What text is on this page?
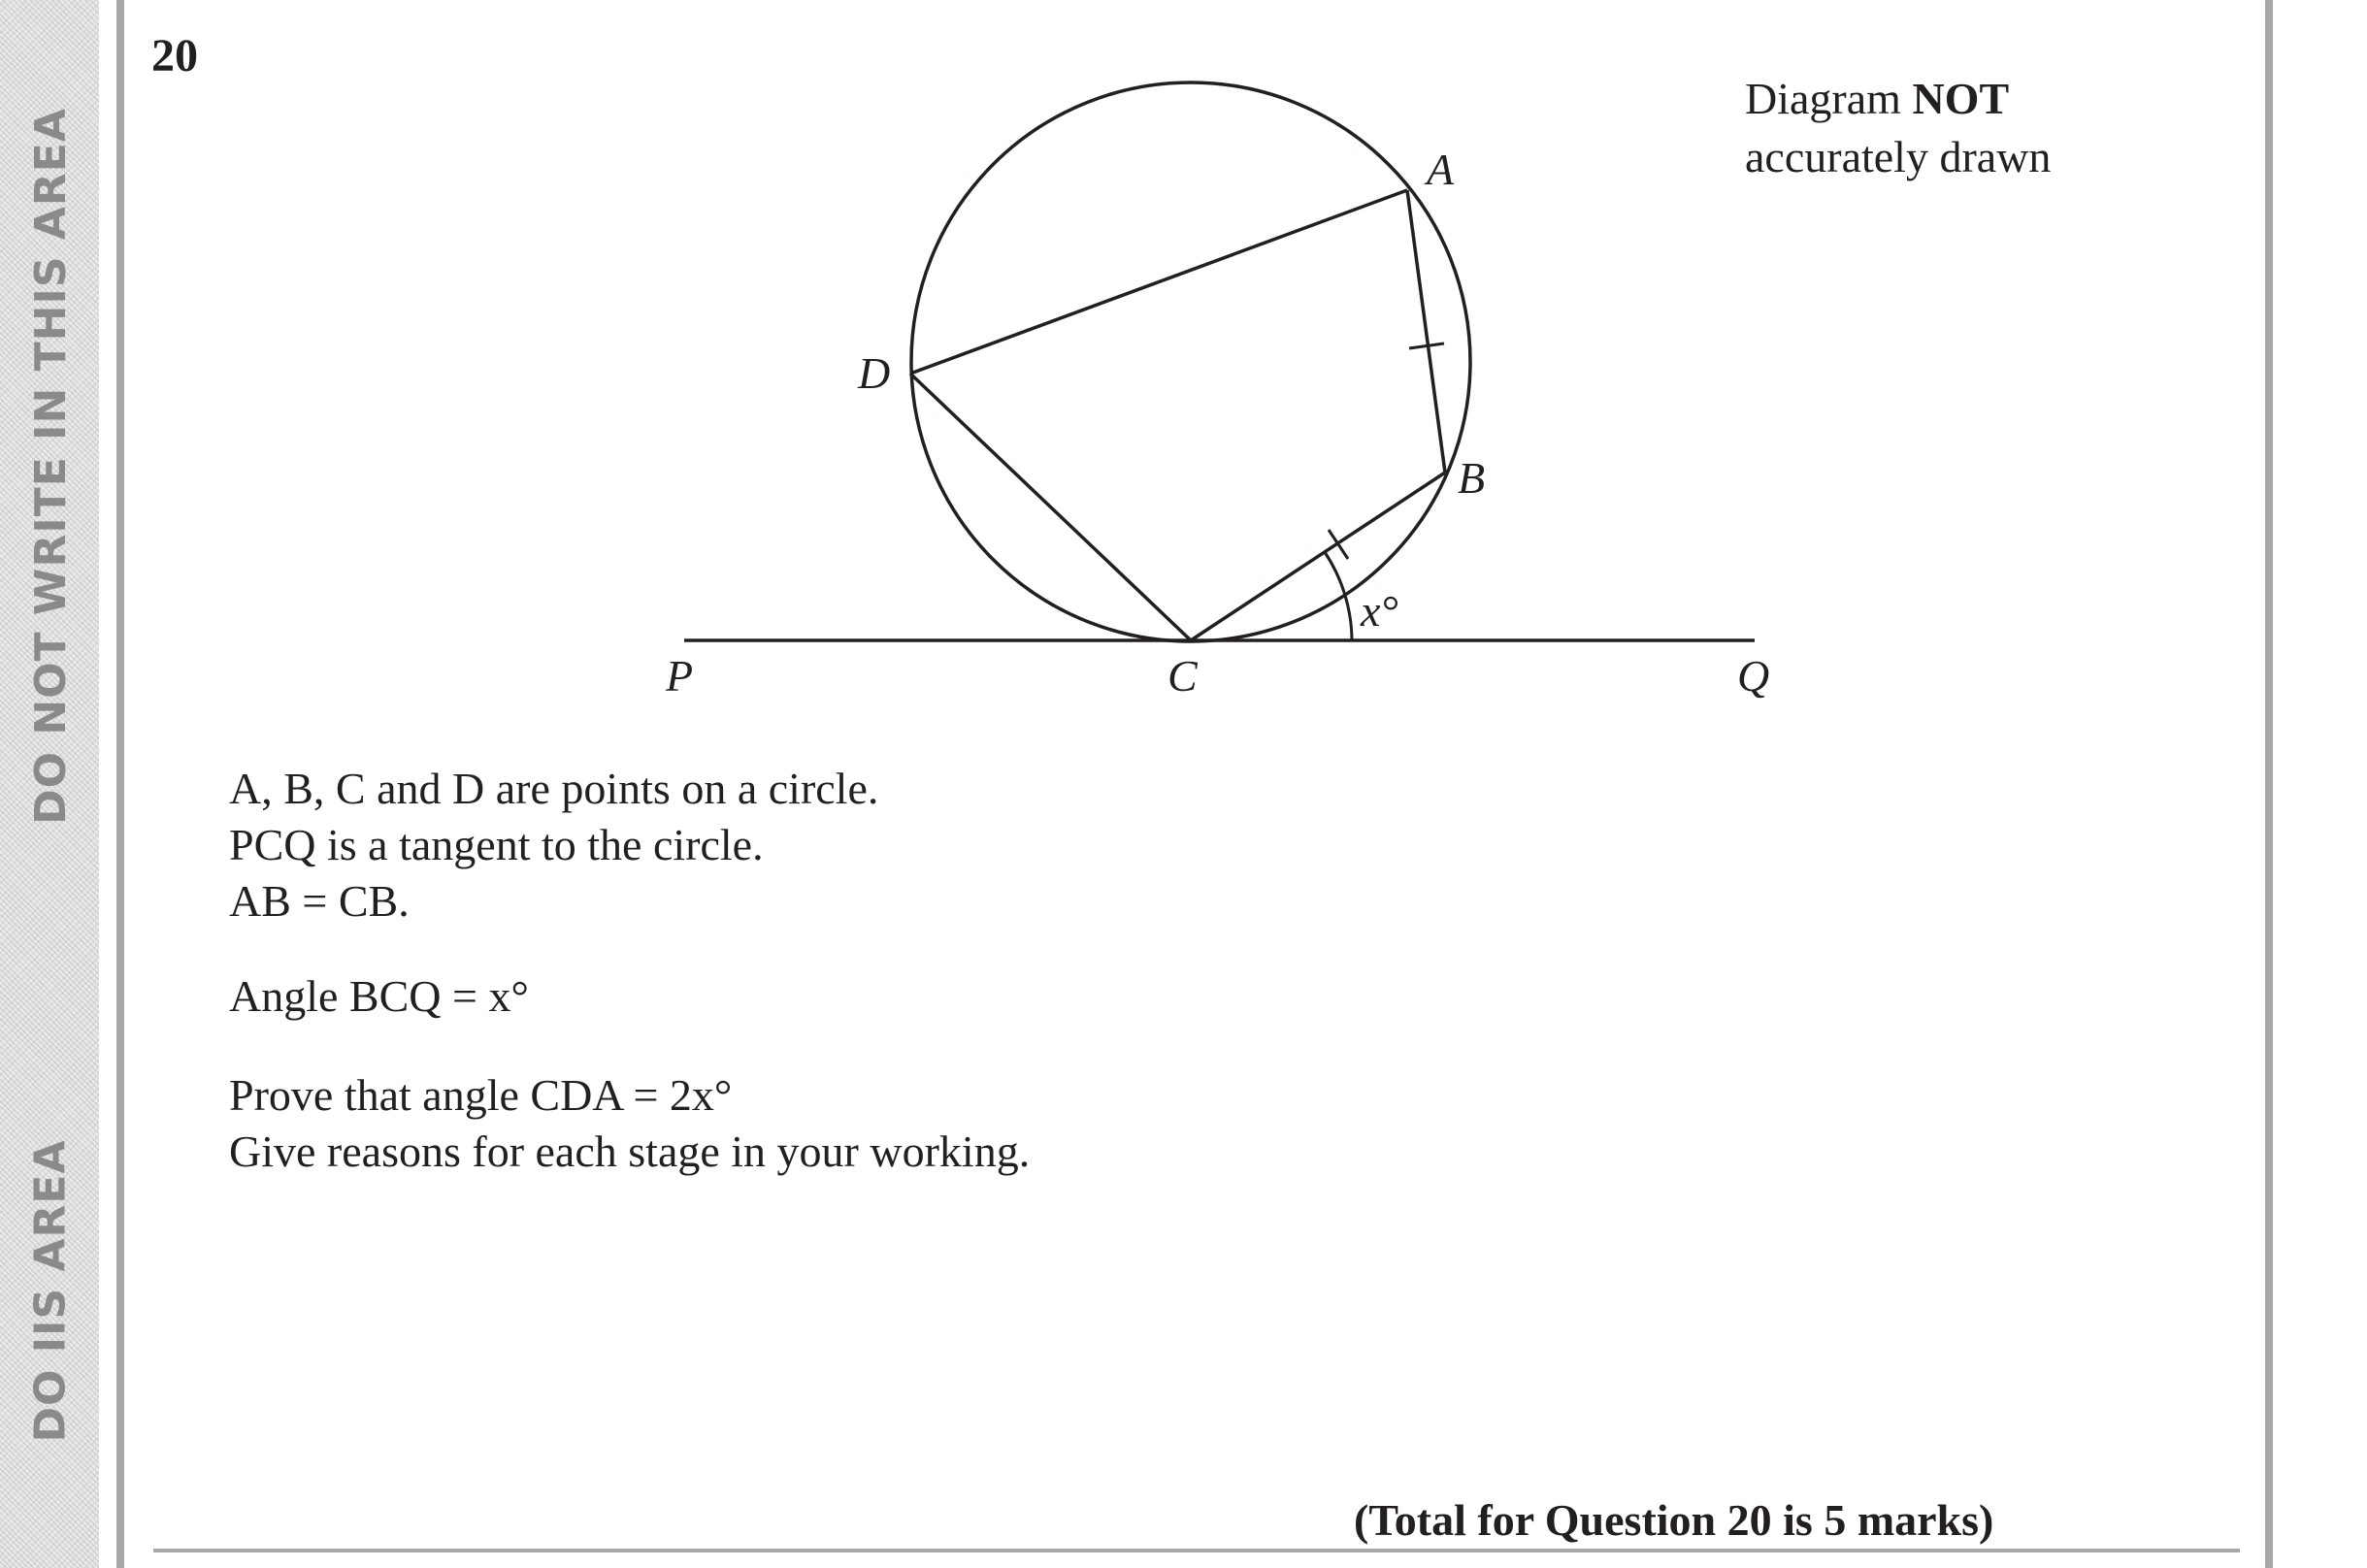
DO NOT WRITE IN THIS AREA
DO IIS AREA
20
Diagram NOT
accurately drawn
A
B
C
D
P	Q
x°
A, B, C and D are points on a circle.
PCQ is a tangent to the circle.
AB = CB.
Angle BCQ = x°
Prove that angle CDA = 2x°
Give reasons for each stage in your working.
(Total for Question 20 is 5 marks)
